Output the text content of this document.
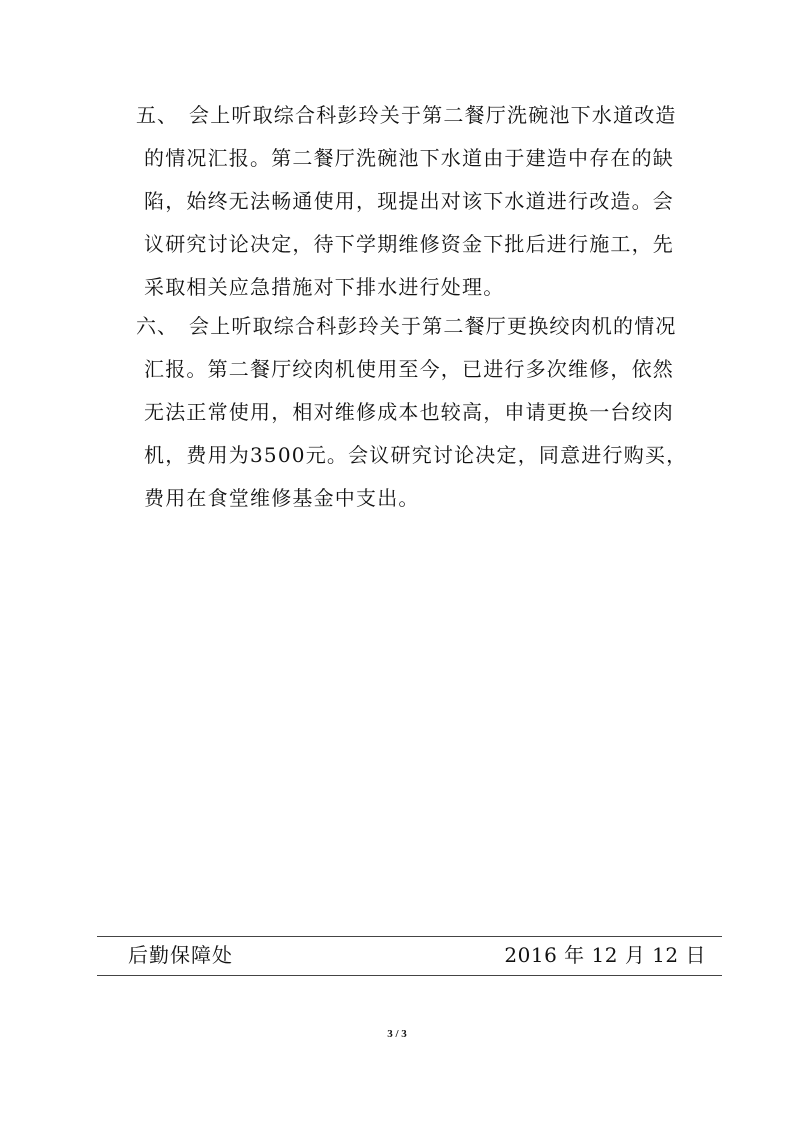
五、 会上听取综合科彭玲关于第二餐厅洗碗池下水道改造
的情况汇报。第二餐厅洗碗池下水道由于建造中存在的缺
陷，始终无法畅通使用，现提出对该下水道进行改造。会
议研究讨论决定，待下学期维修资金下批后进行施工，先
采取相关应急措施对下排水进行处理。
六、 会上听取综合科彭玲关于第二餐厅更换绞肉机的情况
汇报。第二餐厅绞肉机使用至今，已进行多次维修，依然
无法正常使用，相对维修成本也较高，申请更换一台绞肉
机，费用为3500元。会议研究讨论决定，同意进行购买，
费用在食堂维修基金中支出。
后勤保障处	2016 年 12 月 12 日
3 / 3
